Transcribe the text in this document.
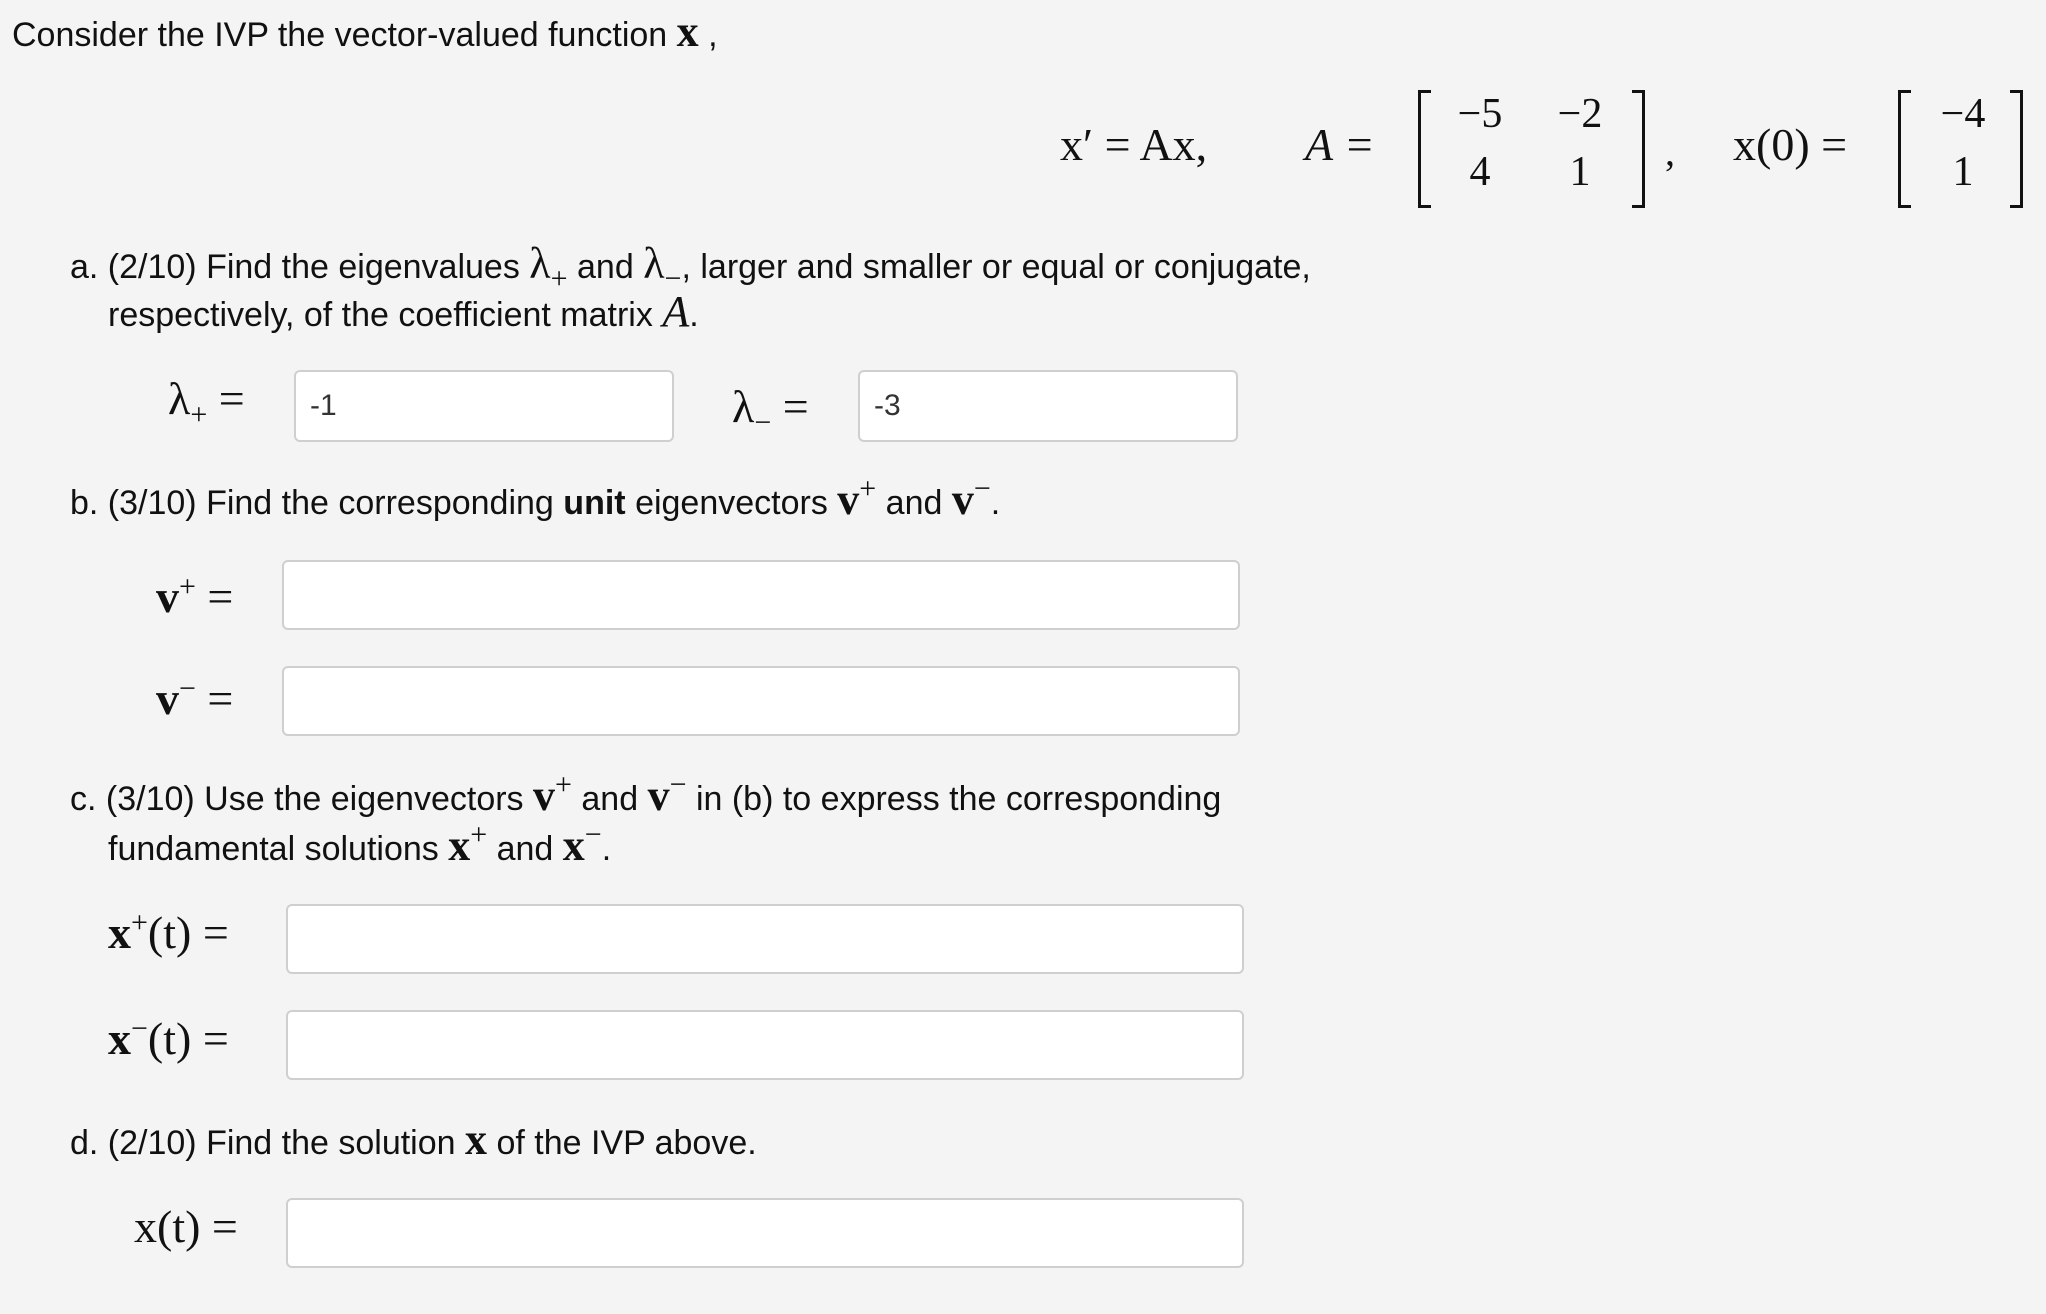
Consider the IVP the vector-valued function x ,
x′ = Ax, A =
−5	−2
4	1	, x(0) =
−4
1
a. (2/10) Find the eigenvalues λ+ and λ−, larger and smaller or equal or conjugate,
respectively, of the coefficient matrix A.
$\lambda_+$ =	-1	$\lambda_-$ =	-3
b. (3/10) Find the corresponding unit eigenvectors v+ and v−.
v+ =
v− =
c. (3/10) Use the eigenvectors v+ and v− in (b) to express the corresponding
fundamental solutions x+ and x−.
x+(t) =
x−(t) =
d. (2/10) Find the solution x of the IVP above.
x(t) =
